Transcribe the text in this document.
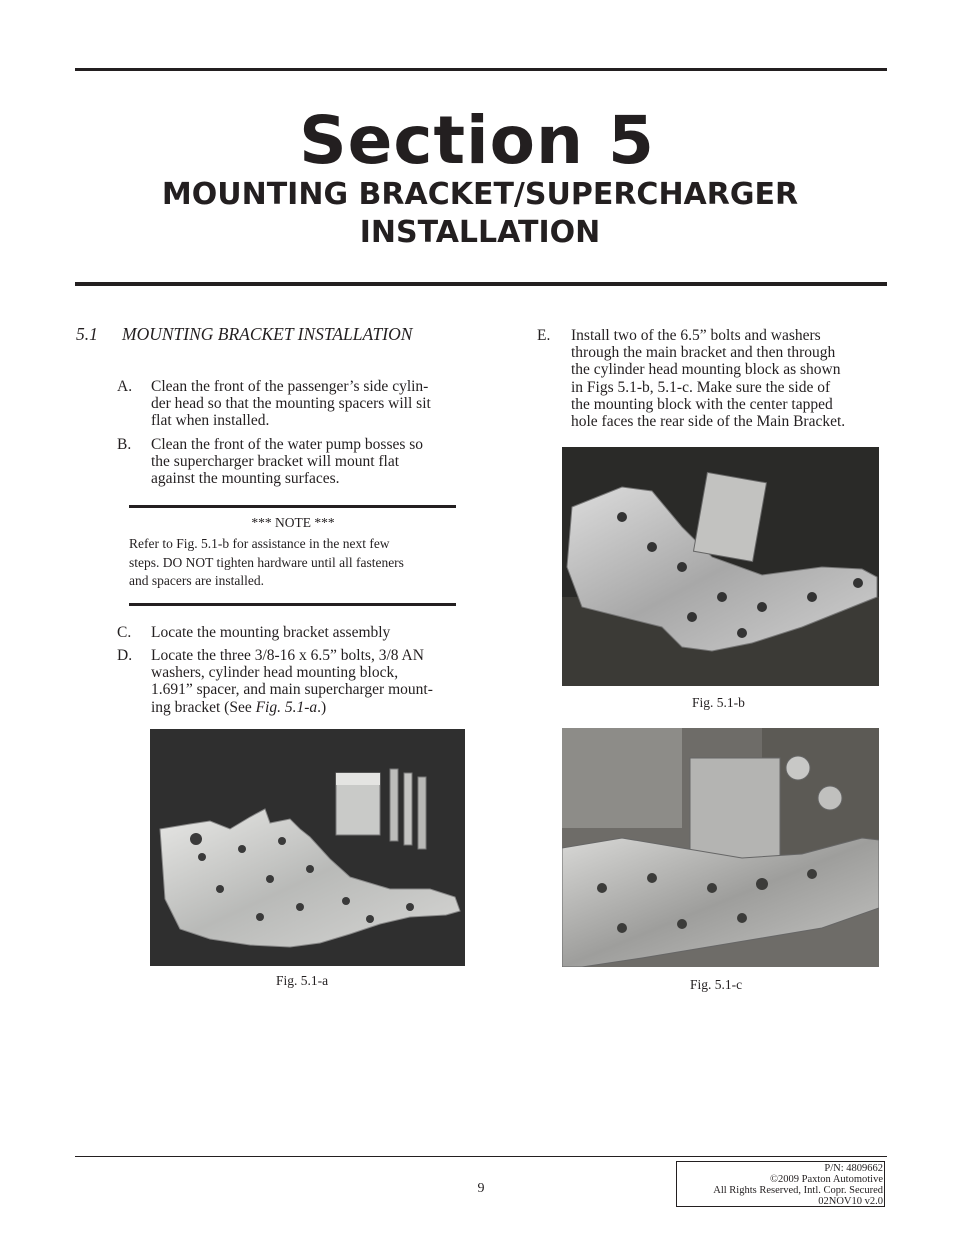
Section 5
MOUNTING BRACKET/SUPERCHARGER
INSTALLATION
5.1 MOUNTING BRACKET INSTALLATION
A. Clean the front of the passenger’s side cylin-
der head so that the mounting spacers will sit
flat when installed.
B. Clean the front of the water pump bosses so
the supercharger bracket will mount flat
against the mounting surfaces.
*** NOTE ***
Refer to Fig. 5.1-b for assistance in the next few
steps. DO NOT tighten hardware until all fasteners
and spacers are installed.
C. Locate the mounting bracket assembly
D. Locate the three 3/8-16 x 6.5” bolts, 3/8 AN
washers, cylinder head mounting block,
1.691” spacer, and main supercharger mount-
ing bracket (See Fig. 5.1-a.)
E. Install two of the 6.5” bolts and washers
through the main bracket and then through
the cylinder head mounting block as shown
in Figs 5.1-b, 5.1-c. Make sure the side of
the mounting block with the center tapped
hole faces the rear side of the Main Bracket.
Fig. 5.1-a
Fig. 5.1-b
Fig. 5.1-c
9
P/N: 4809662
©2009 Paxton Automotive
All Rights Reserved, Intl. Copr. Secured
02NOV10 v2.0
